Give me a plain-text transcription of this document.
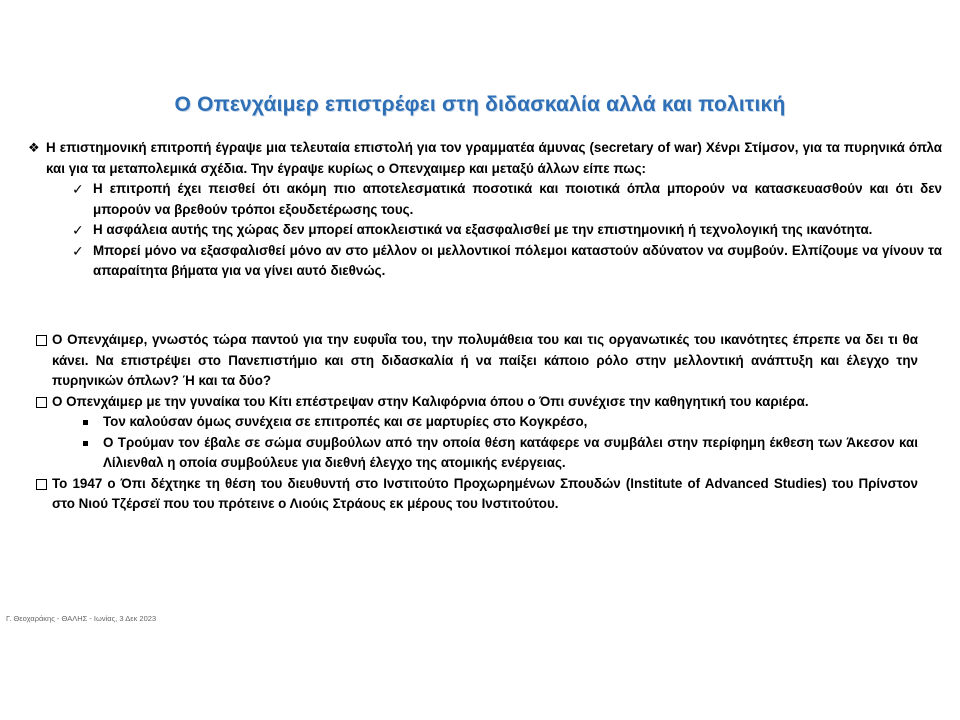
Ο Οπενχάιμερ επιστρέφει στη διδασκαλία αλλά και πολιτική
❖ Η επιστημονική επιτροπή έγραψε μια τελευταία επιστολή για τον γραμματέα άμυνας (secretary of war) Χένρι Στίμσον, για τα πυρηνικά όπλα και για τα μεταπολεμικά σχέδια. Την έγραψε κυρίως ο Οπενχαιμερ και μεταξύ άλλων είπε πως:
✓ Η επιτροπή έχει πεισθεί ότι ακόμη πιο αποτελεσματικά ποσοτικά και ποιοτικά όπλα μπορούν να κατασκευασθούν και ότι δεν μπορούν να βρεθούν τρόποι εξουδετέρωσης τους.
✓ Η ασφάλεια αυτής της χώρας δεν μπορεί αποκλειστικά να εξασφαλισθεί με την επιστημονική ή τεχνολογική της ικανότητα.
✓ Μπορεί μόνο να εξασφαλισθεί μόνο αν στο μέλλον οι μελλοντικοί πόλεμοι καταστούν αδύνατον να συμβούν. Ελπίζουμε να γίνουν τα απαραίτητα βήματα για να γίνει αυτό διεθνώς.
Ο Οπενχάιμερ, γνωστός τώρα παντού για την ευφυΐα του, την πολυμάθεια του και τις οργανωτικές του ικανότητες έπρεπε να δει τι θα κάνει. Να επιστρέψει στο Πανεπιστήμιο και στη διδασκαλία ή να παίξει κάποιο ρόλο στην μελλοντική ανάπτυξη και έλεγχο την πυρηνικών όπλων? Ή και τα δύο?
Ο Οπενχάιμερ με την γυναίκα του Κίτι επέστρεψαν στην Καλιφόρνια όπου ο Όπι συνέχισε την καθηγητική του καριέρα.
Τον καλούσαν όμως συνέχεια σε επιτροπές και σε μαρτυρίες στο Κογκρέσο,
Ο Τρούμαν τον έβαλε σε σώμα συμβούλων από την οποία θέση κατάφερε να συμβάλει στην περίφημη έκθεση των Άκεσον και Λίλιενθαλ η οποία συμβούλευε για διεθνή έλεγχο της ατομικής ενέργειας.
Το 1947 ο Όπι δέχτηκε τη θέση του διευθυντή στο Ινστιτούτο Προχωρημένων Σπουδών (Institute of Advanced Studies) του Πρίνστον στο Νιού Τζέρσεϊ που του πρότεινε ο Λιούις Στράους εκ μέρους του Ινστιτούτου.
Γ. Θεοχαράκης - ΘΑΛΗΣ - Ιωνίας, 3 Δεκ 2023
